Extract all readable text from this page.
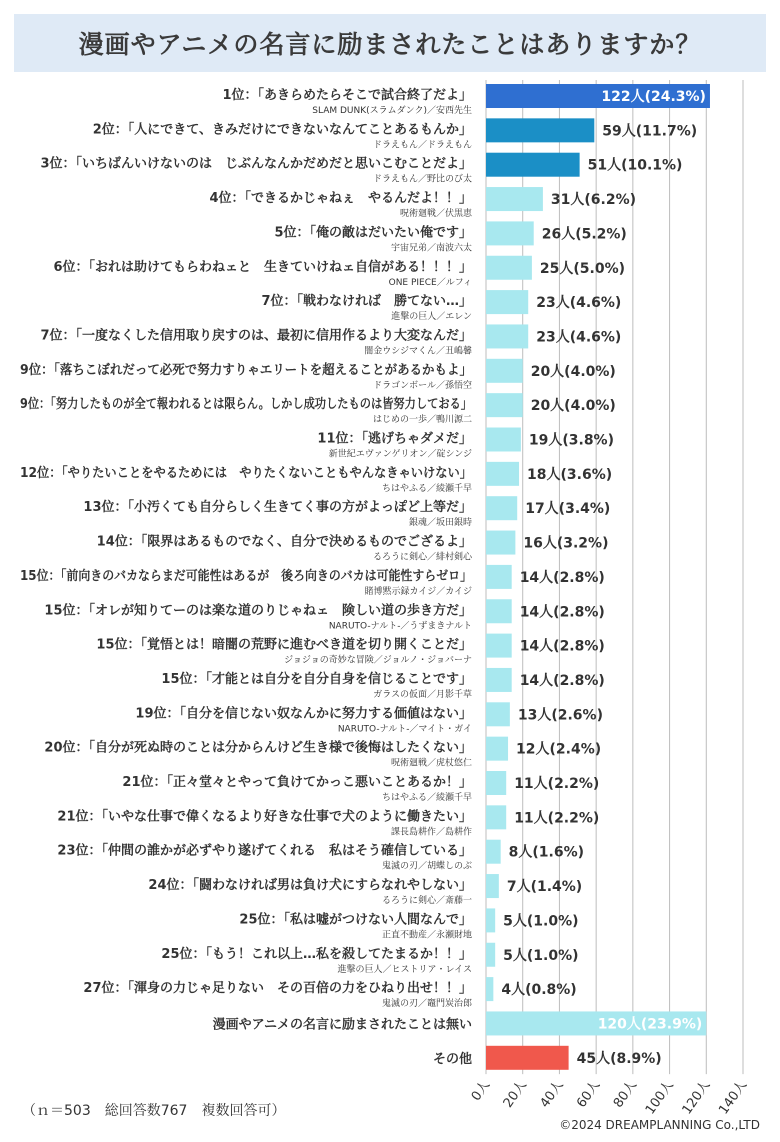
漫画やアニメの名言に励まされたことはありますか？
0人 20人 40人 60人 80人 100人 120人 140人
1位：「あきらめたらそこで試合終了だよ」
SLAM DUNK(スラムダンク)／安西先生
122人(24.3%)
2位：「人にできて、きみだけにできないなんてことあるもんか」
ドラえもん／ドラえもん
59人(11.7%)
3位：「いちばんいけないのは　じぶんなんかだめだと思いこむことだよ」
ドラえもん／野比のび太
51人(10.1%)
4位：「できるかじゃねぇ　やるんだよ！！」
呪術廻戦／伏黒恵
31人(6.2%)
5位：「俺の敵はだいたい俺です」
宇宙兄弟／南波六太
26人(5.2%)
6位：「おれは助けてもらわねェと　生きていけねェ自信がある！！！」
ONE PIECE／ルフィ
25人(5.0%)
7位：「戦わなければ　勝てない…」
進撃の巨人／エレン
23人(4.6%)
7位：「一度なくした信用取り戻すのは、最初に信用作るより大変なんだ」
闇金ウシジマくん／丑嶋馨
23人(4.6%)
9位：「落ちこぼれだって必死で努力すりゃエリートを超えることがあるかもよ」
ドラゴンボール／孫悟空
20人(4.0%)
9位：「努力したものが全て報われるとは限らん。しかし成功したものは皆努力しておる」
はじめの一歩／鴨川源二
20人(4.0%)
11位：「逃げちゃダメだ」
新世紀エヴァンゲリオン／碇シンジ
19人(3.8%)
12位：「やりたいことをやるためには　やりたくないこともやんなきゃいけない」
ちはやふる／綾瀬千早
18人(3.6%)
13位：「小汚くても自分らしく生きてく事の方がよっぽど上等だ」
銀魂／坂田銀時
17人(3.4%)
14位：「限界はあるものでなく、自分で決めるものでござるよ」
るろうに剣心／緋村剣心
16人(3.2%)
15位：「前向きのバカならまだ可能性はあるが　後ろ向きのバカは可能性すらゼロ」
賭博黙示録カイジ／カイジ
14人(2.8%)
15位：「オレが知りてーのは楽な道のりじゃねェ　険しい道の歩き方だ」
NARUTO-ナルト-／うずまきナルト
14人(2.8%)
15位：「覚悟とは！暗闇の荒野に進むべき道を切り開くことだ」
ジョジョの奇妙な冒険／ジョルノ・ジョバーナ
14人(2.8%)
15位：「才能とは自分を自分自身を信じることです」
ガラスの仮面／月影千草
14人(2.8%)
19位：「自分を信じない奴なんかに努力する価値はない」
NARUTO-ナルト-／マイト・ガイ
13人(2.6%)
20位：「自分が死ぬ時のことは分からんけど生き様で後悔はしたくない」
呪術廻戦／虎杖悠仁
12人(2.4%)
21位：「正々堂々とやって負けてかっこ悪いことあるか！」
ちはやふる／綾瀬千早
11人(2.2%)
21位：「いやな仕事で偉くなるより好きな仕事で犬のように働きたい」
課長島耕作／島耕作
11人(2.2%)
23位：「仲間の誰かが必ずやり遂げてくれる　私はそう確信している」
鬼滅の刃／胡蝶しのぶ
8人(1.6%)
24位：「闘わなければ男は負け犬にすらなれやしない」
るろうに剣心／斎藤一
7人(1.4%)
25位：「私は嘘がつけない人間なんで」
正直不動産／永瀬財地
5人(1.0%)
25位：「もう！これ以上…私を殺してたまるか！！」
進撃の巨人／ヒストリア・レイス
5人(1.0%)
27位：「渾身の力じゃ足りない　その百倍の力をひねり出せ！！」
鬼滅の刃／竈門炭治郎
4人(0.8%)
漫画やアニメの名言に励まされたことは無い	120人(23.9%)
その他	45人(8.9%)
（ｎ＝503　総回答数767　複数回答可）
©2024 DREAMPLANNING Co.,LTD
